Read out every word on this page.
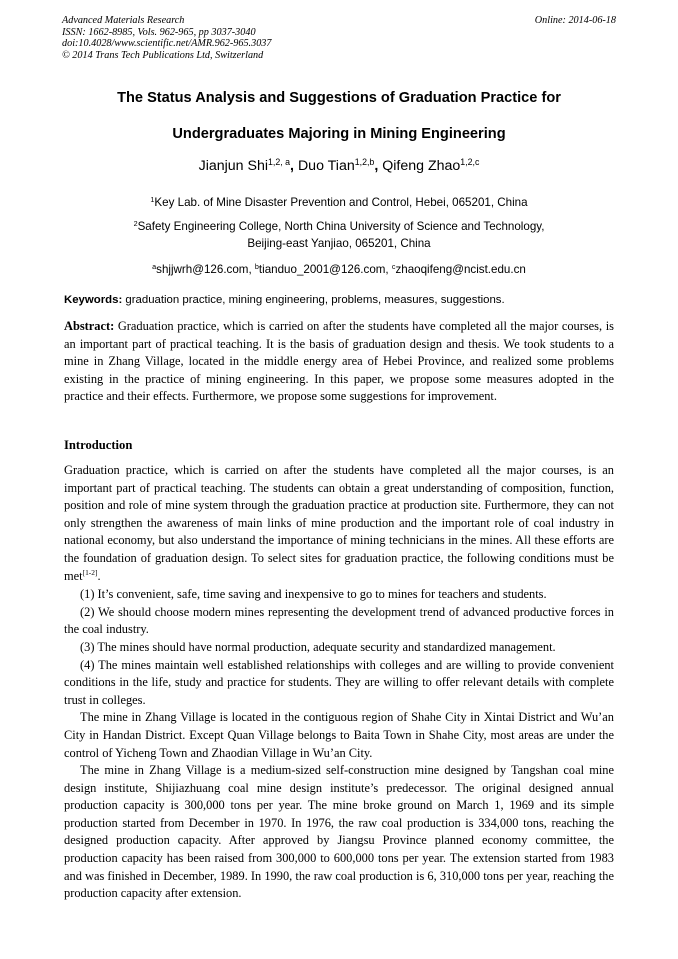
Advanced Materials Research
ISSN: 1662-8985, Vols. 962-965, pp 3037-3040
doi:10.4028/www.scientific.net/AMR.962-965.3037
© 2014 Trans Tech Publications Ltd, Switzerland
Online: 2014-06-18
The Status Analysis and Suggestions of Graduation Practice for
Undergraduates Majoring in Mining Engineering
Jianjun Shi$^{1,2, a}$, Duo Tian$^{1,2,b}$, Qifeng Zhao$^{1,2,c}$
$^1$Key Lab. of Mine Disaster Prevention and Control, Hebei, 065201, China
$^2$Safety Engineering College, North China University of Science and Technology,
Beijing-east Yanjiao, 065201, China
$^a$shjjwrh@126.com, $^b$tianduo_2001@126.com, $^c$zhaoqifeng@ncist.edu.cn
Keywords: graduation practice, mining engineering, problems, measures, suggestions.
Abstract: Graduation practice, which is carried on after the students have completed all the major courses, is an important part of practical teaching. It is the basis of graduation design and thesis. We took students to a mine in Zhang Village, located in the middle energy area of Hebei Province, and realized some problems existing in the practice of mining engineering. In this paper, we propose some measures adopted in the practice and their effects. Furthermore, we propose some suggestions for improvement.
Introduction

Graduation practice, which is carried on after the students have completed all the major courses, is an important part of practical teaching. The students can obtain a great understanding of composition, function, position and role of mine system through the graduation practice at production site. Furthermore, they can not only strengthen the awareness of main links of mine production and the important role of coal industry in national economy, but also understand the importance of mining technicians in the mines. All these efforts are the foundation of graduation design. To select sites for graduation practice, the following conditions must be met[1-2].

(1) It’s convenient, safe, time saving and inexpensive to go to mines for teachers and students.

(2) We should choose modern mines representing the development trend of advanced productive forces in the coal industry.

(3) The mines should have normal production, adequate security and standardized management.

(4) The mines maintain well established relationships with colleges and are willing to provide convenient conditions in the life, study and practice for students. They are willing to offer relevant details with complete trust in colleges.

The mine in Zhang Village is located in the contiguous region of Shahe City in Xintai District and Wu’an City in Handan District. Except Quan Village belongs to Baita Town in Shahe City, most areas are under the control of Yicheng Town and Zhaodian Village in Wu’an City.

The mine in Zhang Village is a medium-sized self-construction mine designed by Tangshan coal mine design institute, Shijiazhuang coal mine design institute’s predecessor. The original designed annual production capacity is 300,000 tons per year. The mine broke ground on March 1, 1969 and its simple production started from December in 1970. In 1976, the raw coal production is 334,000 tons, reaching the designed production capacity. After approved by Jiangsu Province planned economy committee, the production capacity has been raised from 300,000 to 600,000 tons per year. The extension started from 1983 and was finished in December, 1989. In 1990, the raw coal production is 6, 310,000 tons per year, reaching the production capacity after extension.
